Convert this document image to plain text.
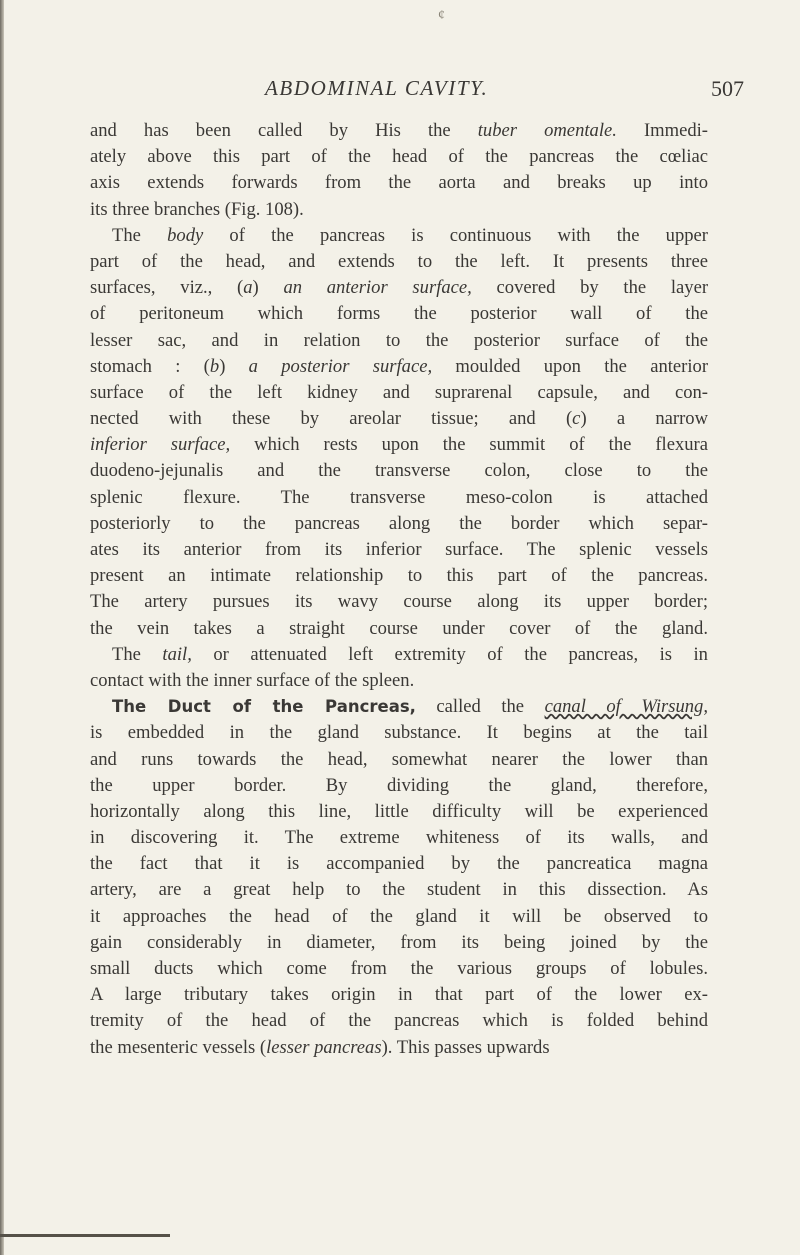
¢
ABDOMINAL CAVITY.	507
and has been called by His the tuber omentale. Immedi-
ately above this part of the head of the pancreas the cœliac
axis extends forwards from the aorta and breaks up into
its three branches (Fig. 108).
The body of the pancreas is continuous with the upper
part of the head, and extends to the left. It presents three
surfaces, viz., (a) an anterior surface, covered by the layer
of peritoneum which forms the posterior wall of the
lesser sac, and in relation to the posterior surface of the
stomach : (b) a posterior surface, moulded upon the anterior
surface of the left kidney and suprarenal capsule, and con-
nected with these by areolar tissue; and (c) a narrow
inferior surface, which rests upon the summit of the flexura
duodeno-jejunalis and the transverse colon, close to the
splenic flexure. The transverse meso-colon is attached
posteriorly to the pancreas along the border which separ-
ates its anterior from its inferior surface. The splenic vessels
present an intimate relationship to this part of the pancreas.
The artery pursues its wavy course along its upper border;
the vein takes a straight course under cover of the gland.
The tail, or attenuated left extremity of the pancreas, is in
contact with the inner surface of the spleen.
The Duct of the Pancreas, called the canal of Wirsung,
is embedded in the gland substance. It begins at the tail
and runs towards the head, somewhat nearer the lower than
the upper border. By dividing the gland, therefore,
horizontally along this line, little difficulty will be experienced
in discovering it. The extreme whiteness of its walls, and
the fact that it is accompanied by the pancreatica magna
artery, are a great help to the student in this dissection. As
it approaches the head of the gland it will be observed to
gain considerably in diameter, from its being joined by the
small ducts which come from the various groups of lobules.
A large tributary takes origin in that part of the lower ex-
tremity of the head of the pancreas which is folded behind
the mesenteric vessels (lesser pancreas). This passes upwards
